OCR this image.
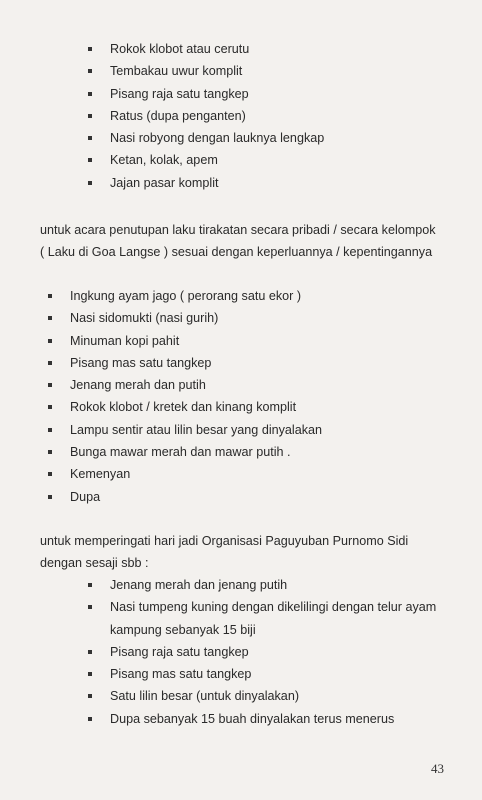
Rokok klobot atau cerutu
Tembakau uwur komplit
Pisang raja satu tangkep
Ratus (dupa penganten)
Nasi robyong dengan lauknya lengkap
Ketan, kolak, apem
Jajan pasar komplit
untuk acara penutupan laku tirakatan secara pribadi / secara kelompok
( Laku di Goa Langse ) sesuai dengan keperluannya / kepentingannya
Ingkung ayam jago ( perorang satu ekor )
Nasi sidomukti (nasi gurih)
Minuman kopi pahit
Pisang mas satu tangkep
Jenang merah dan putih
Rokok klobot / kretek dan kinang komplit
Lampu sentir atau lilin besar yang dinyalakan
Bunga mawar merah dan mawar putih .
Kemenyan
Dupa
untuk memperingati hari jadi Organisasi Paguyuban Purnomo Sidi
dengan sesaji sbb :
Jenang merah dan jenang putih
Nasi tumpeng kuning dengan dikelilingi dengan telur ayam kampung sebanyak 15 biji
Pisang raja satu tangkep
Pisang mas satu tangkep
Satu lilin besar (untuk dinyalakan)
Dupa sebanyak 15 buah dinyalakan terus menerus
43
